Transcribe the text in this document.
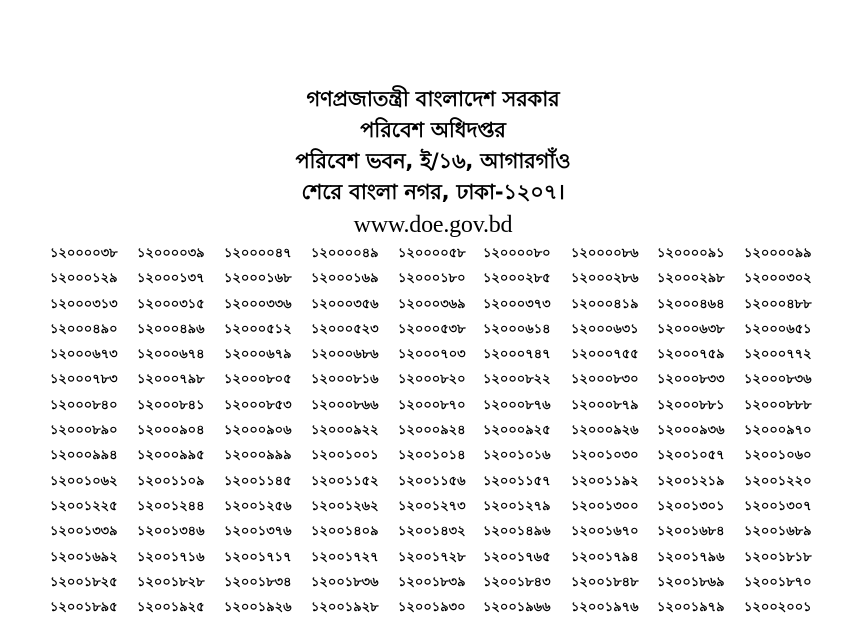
গণপ্রজাতন্ত্রী বাংলাদেশ সরকার
পরিবেশ অধিদপ্তর
পরিবেশ ভবন, ই/১৬, আগারগাঁও
শেরে বাংলা নগর, ঢাকা-১২০৭।
www.doe.gov.bd
১২০০০০৩৮ ১২০০০০৩৯ ১২০০০০৪৭ ১২০০০০৪৯ ১২০০০০৫৮ ১২০০০০৮০ ১২০০০০৮৬ ১২০০০০৯১ ১২০০০০৯৯
১২০০০১২৯ ১২০০০১৩৭ ১২০০০১৬৮ ১২০০০১৬৯ ১২০০০১৮০ ১২০০০২৮৫ ১২০০০২৮৬ ১২০০০২৯৮ ১২০০০৩০২
১২০০০৩১৩ ১২০০০৩১৫ ১২০০০৩৩৬ ১২০০০৩৫৬ ১২০০০৩৬৯ ১২০০০৩৭৩ ১২০০০৪১৯ ১২০০০৪৬৪ ১২০০০৪৮৮
১২০০০৪৯০ ১২০০০৪৯৬ ১২০০০৫১২ ১২০০০৫২৩ ১২০০০৫৩৮ ১২০০০৬১৪ ১২০০০৬৩১ ১২০০০৬৩৮ ১২০০০৬৫১
১২০০০৬৭৩ ১২০০০৬৭৪ ১২০০০৬৭৯ ১২০০০৬৮৬ ১২০০০৭০৩ ১২০০০৭৪৭ ১২০০০৭৫৫ ১২০০০৭৫৯ ১২০০০৭৭২
১২০০০৭৮৩ ১২০০০৭৯৮ ১২০০০৮০৫ ১২০০০৮১৬ ১২০০০৮২০ ১২০০০৮২২ ১২০০০৮৩০ ১২০০০৮৩৩ ১২০০০৮৩৬
১২০০০৮৪০ ১২০০০৮৪১ ১২০০০৮৫৩ ১২০০০৮৬৬ ১২০০০৮৭০ ১২০০০৮৭৬ ১২০০০৮৭৯ ১২০০০৮৮১ ১২০০০৮৮৮
১২০০০৮৯০ ১২০০০৯০৪ ১২০০০৯০৬ ১২০০০৯২২ ১২০০০৯২৪ ১২০০০৯২৫ ১২০০০৯২৬ ১২০০০৯৩৬ ১২০০০৯৭০
১২০০০৯৯৪ ১২০০০৯৯৫ ১২০০০৯৯৯ ১২০০১০০১ ১২০০১০১৪ ১২০০১০১৬ ১২০০১০৩০ ১২০০১০৫৭ ১২০০১০৬০
১২০০১০৬২ ১২০০১১০৯ ১২০০১১৪৫ ১২০০১১৫২ ১২০০১১৫৬ ১২০০১১৫৭ ১২০০১১৯২ ১২০০১২১৯ ১২০০১২২০
১২০০১২২৫ ১২০০১২৪৪ ১২০০১২৫৬ ১২০০১২৬২ ১২০০১২৭৩ ১২০০১২৭৯ ১২০০১৩০০ ১২০০১৩০১ ১২০০১৩০৭
১২০০১৩৩৯ ১২০০১৩৪৬ ১২০০১৩৭৬ ১২০০১৪০৯ ১২০০১৪৩২ ১২০০১৪৯৬ ১২০০১৬৭০ ১২০০১৬৮৪ ১২০০১৬৮৯
১২০০১৬৯২ ১২০০১৭১৬ ১২০০১৭১৭ ১২০০১৭২৭ ১২০০১৭২৮ ১২০০১৭৬৫ ১২০০১৭৯৪ ১২০০১৭৯৬ ১২০০১৮১৮
১২০০১৮২৫ ১২০০১৮২৮ ১২০০১৮৩৪ ১২০০১৮৩৬ ১২০০১৮৩৯ ১২০০১৮৪৩ ১২০০১৮৪৮ ১২০০১৮৬৯ ১২০০১৮৭০
১২০০১৮৯৫ ১২০০১৯২৫ ১২০০১৯২৬ ১২০০১৯২৮ ১২০০১৯৩০ ১২০০১৯৬৬ ১২০০১৯৭৬ ১২০০১৯৭৯ ১২০০২০০১
